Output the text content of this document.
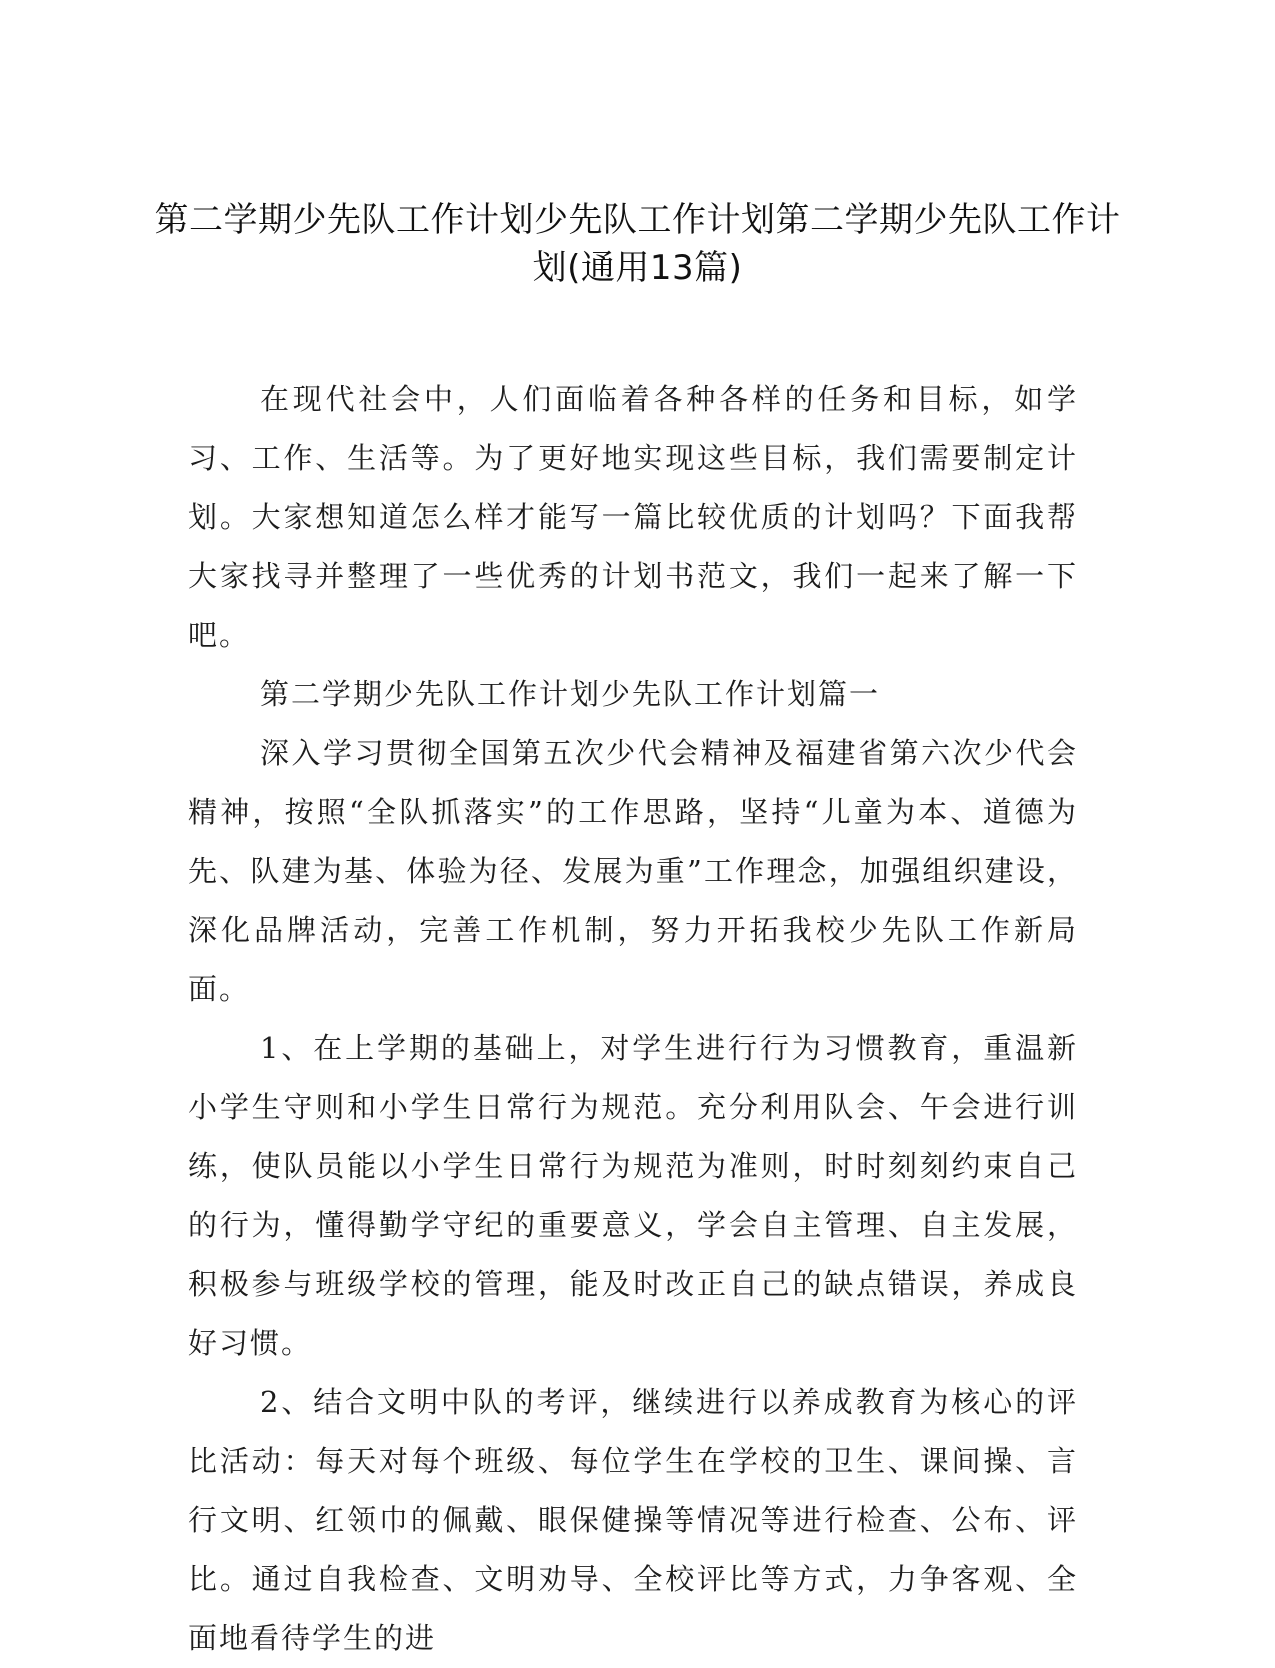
第二学期少先队工作计划少先队工作计划第二学期少先队工作计划(通用13篇)

在现代社会中，人们面临着各种各样的任务和目标，如学习、工作、生活等。为了更好地实现这些目标，我们需要制定计划。大家想知道怎么样才能写一篇比较优质的计划吗？下面我帮大家找寻并整理了一些优秀的计划书范文，我们一起来了解一下吧。

第二学期少先队工作计划少先队工作计划篇一

深入学习贯彻全国第五次少代会精神及福建省第六次少代会精神，按照“全队抓落实”的工作思路，坚持“儿童为本、道德为先、队建为基、体验为径、发展为重”工作理念，加强组织建设，深化品牌活动，完善工作机制，努力开拓我校少先队工作新局面。

1、在上学期的基础上，对学生进行行为习惯教育，重温新小学生守则和小学生日常行为规范。充分利用队会、午会进行训练，使队员能以小学生日常行为规范为准则，时时刻刻约束自己的行为，懂得勤学守纪的重要意义，学会自主管理、自主发展，积极参与班级学校的管理，能及时改正自己的缺点错误，养成良好习惯。

2、结合文明中队的考评，继续进行以养成教育为核心的评比活动：每天对每个班级、每位学生在学校的卫生、课间操、言行文明、红领巾的佩戴、眼保健操等情况等进行检查、公布、评比。通过自我检查、文明劝导、全校评比等方式，力争客观、全面地看待学生的进
